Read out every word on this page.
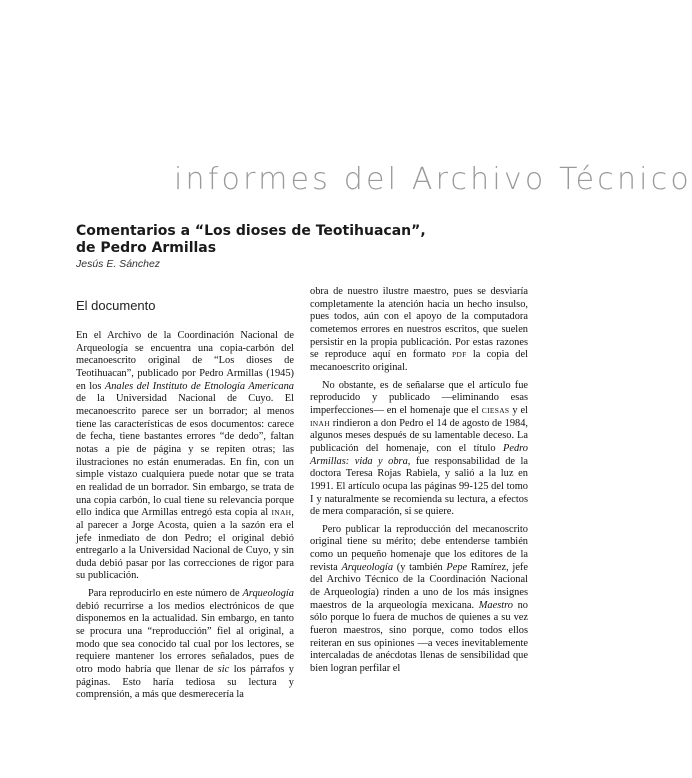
informes del Archivo Técnico
Comentarios a “Los dioses de Teotihuacan”,
de Pedro Armillas
Jesús E. Sánchez
El documento

En el Archivo de la Coordinación Nacional de Arqueología se encuentra una copia-carbón del mecanoescrito original de “Los dioses de Teotihuacan”, publicado por Pedro Armillas (1945) en los Anales del Instituto de Etnología Americana de la Universidad Nacional de Cuyo. El mecanoescrito parece ser un borrador; al menos tiene las características de esos documentos: carece de fecha, tiene bastantes errores “de dedo”, faltan notas a pie de página y se repiten otras; las ilustraciones no están enumeradas. En fin, con un simple vistazo cualquiera puede notar que se trata en realidad de un borrador. Sin embargo, se trata de una copia carbón, lo cual tiene su relevancia porque ello indica que Armillas entregó esta copia al INAH, al parecer a Jorge Acosta, quien a la sazón era el jefe inmediato de don Pedro; el original debió entregarlo a la Universidad Nacional de Cuyo, y sin duda debió pasar por las correcciones de rigor para su publicación.

Para reproducirlo en este número de Arqueología debió recurrirse a los medios electrónicos de que disponemos en la actualidad. Sin embargo, en tanto se procura una “reproducción” fiel al original, a modo que sea conocido tal cual por los lectores, se requiere mantener los errores señalados, pues de otro modo habría que llenar de sic los párrafos y páginas. Esto haría tediosa su lectura y comprensión, a más que desmerecería la

obra de nuestro ilustre maestro, pues se desviaría completamente la atención hacia un hecho insulso, pues todos, aún con el apoyo de la computadora cometemos errores en nuestros escritos, que suelen persistir en la propia publicación. Por estas razones se reproduce aquí en formato PDF la copia del mecanoescrito original.

No obstante, es de señalarse que el artículo fue reproducido y publicado —eliminando esas imperfecciones— en el homenaje que el CIESAS y el INAH rindieron a don Pedro el 14 de agosto de 1984, algunos meses después de su lamentable deceso. La publicación del homenaje, con el título Pedro Armillas: vida y obra, fue responsabilidad de la doctora Teresa Rojas Rabiela, y salió a la luz en 1991. El artículo ocupa las páginas 99-125 del tomo I y naturalmente se recomienda su lectura, a efectos de mera comparación, si se quiere.

Pero publicar la reproducción del mecanoscrito original tiene su mérito; debe entenderse también como un pequeño homenaje que los editores de la revista Arqueología (y también Pepe Ramírez, jefe del Archivo Técnico de la Coordinación Nacional de Arqueología) rinden a uno de los más insignes maestros de la arqueología mexicana. Maestro no sólo porque lo fuera de muchos de quienes a su vez fueron maestros, sino porque, como todos ellos reiteran en sus opiniones —a veces inevitablemente intercaladas de anécdotas llenas de sensibilidad que bien logran perfilar el
